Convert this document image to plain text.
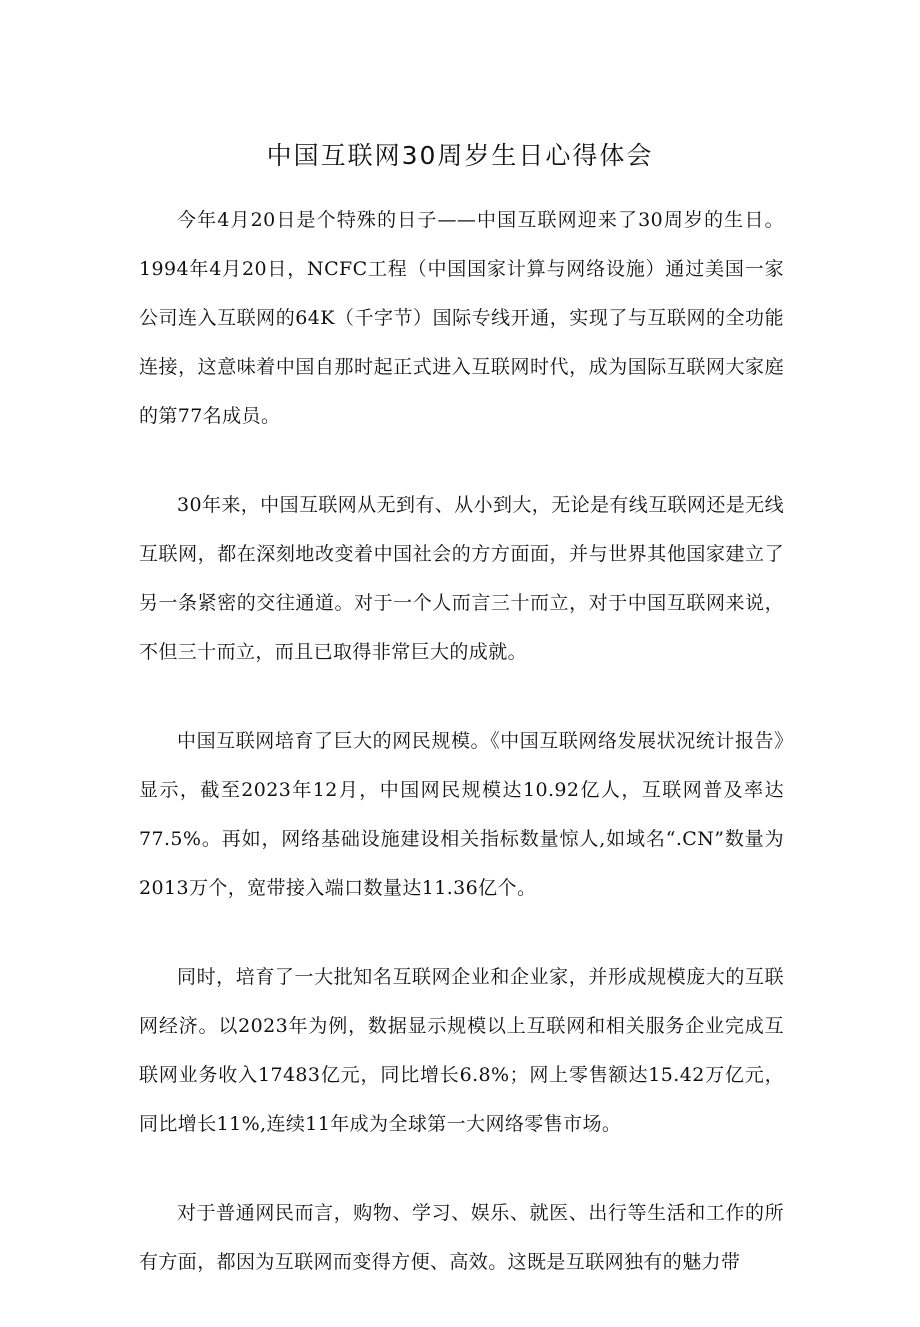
中国互联网30周岁生日心得体会

今年4月20日是个特殊的日子——中国互联网迎来了30周岁的生日。1994年4月20日，NCFC工程（中国国家计算与网络设施）通过美国一家公司连入互联网的64K（千字节）国际专线开通，实现了与互联网的全功能连接，这意味着中国自那时起正式进入互联网时代，成为国际互联网大家庭的第77名成员。

30年来，中国互联网从无到有、从小到大，无论是有线互联网还是无线互联网，都在深刻地改变着中国社会的方方面面，并与世界其他国家建立了另一条紧密的交往通道。对于一个人而言三十而立，对于中国互联网来说，不但三十而立，而且已取得非常巨大的成就。

中国互联网培育了巨大的网民规模。《中国互联网络发展状况统计报告》显示，截至2023年12月，中国网民规模达10.92亿人，互联网普及率达77.5%。再如，网络基础设施建设相关指标数量惊人,如域名“.CN”数量为2013万个，宽带接入端口数量达11.36亿个。

同时，培育了一大批知名互联网企业和企业家，并形成规模庞大的互联网经济。以2023年为例，数据显示规模以上互联网和相关服务企业完成互联网业务收入17483亿元，同比增长6.8%；网上零售额达15.42万亿元，同比增长11%,连续11年成为全球第一大网络零售市场。

对于普通网民而言，购物、学习、娱乐、就医、出行等生活和工作的所有方面，都因为互联网而变得方便、高效。这既是互联网独有的魅力带
